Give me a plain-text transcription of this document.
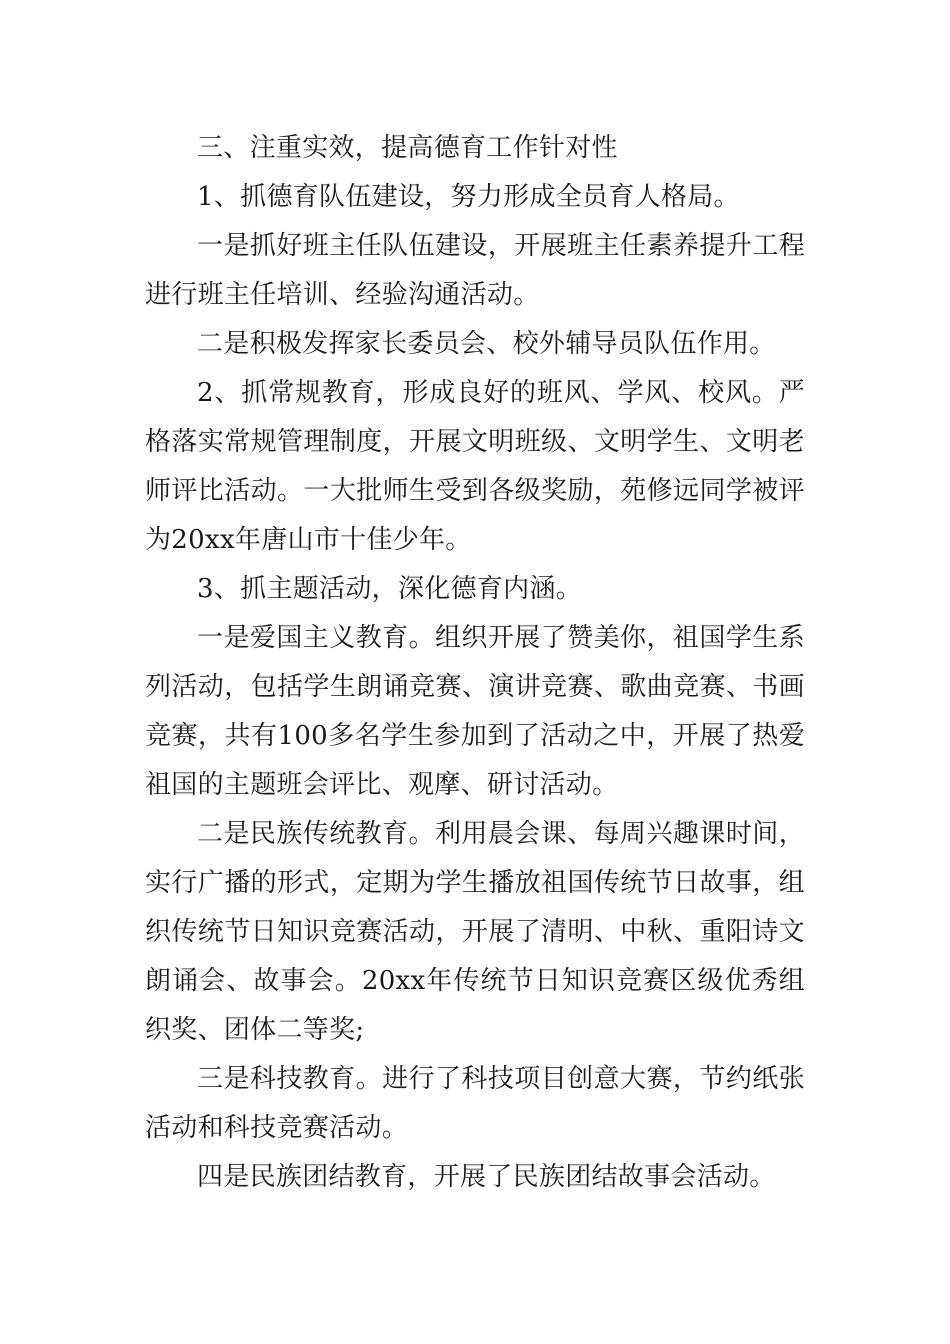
三、注重实效，提高德育工作针对性

1、抓德育队伍建设，努力形成全员育人格局。

一是抓好班主任队伍建设，开展班主任素养提升工程进行班主任培训、经验沟通活动。

二是积极发挥家长委员会、校外辅导员队伍作用。

2、抓常规教育，形成良好的班风、学风、校风。严格落实常规管理制度，开展文明班级、文明学生、文明老师评比活动。一大批师生受到各级奖励，苑修远同学被评为20xx年唐山市十佳少年。

3、抓主题活动，深化德育内涵。

一是爱国主义教育。组织开展了赞美你，祖国学生系列活动，包括学生朗诵竞赛、演讲竞赛、歌曲竞赛、书画竞赛，共有100多名学生参加到了活动之中，开展了热爱祖国的主题班会评比、观摩、研讨活动。

二是民族传统教育。利用晨会课、每周兴趣课时间，实行广播的形式，定期为学生播放祖国传统节日故事，组织传统节日知识竞赛活动，开展了清明、中秋、重阳诗文朗诵会、故事会。20xx年传统节日知识竞赛区级优秀组织奖、团体二等奖;

三是科技教育。进行了科技项目创意大赛，节约纸张活动和科技竞赛活动。

四是民族团结教育，开展了民族团结故事会活动。
